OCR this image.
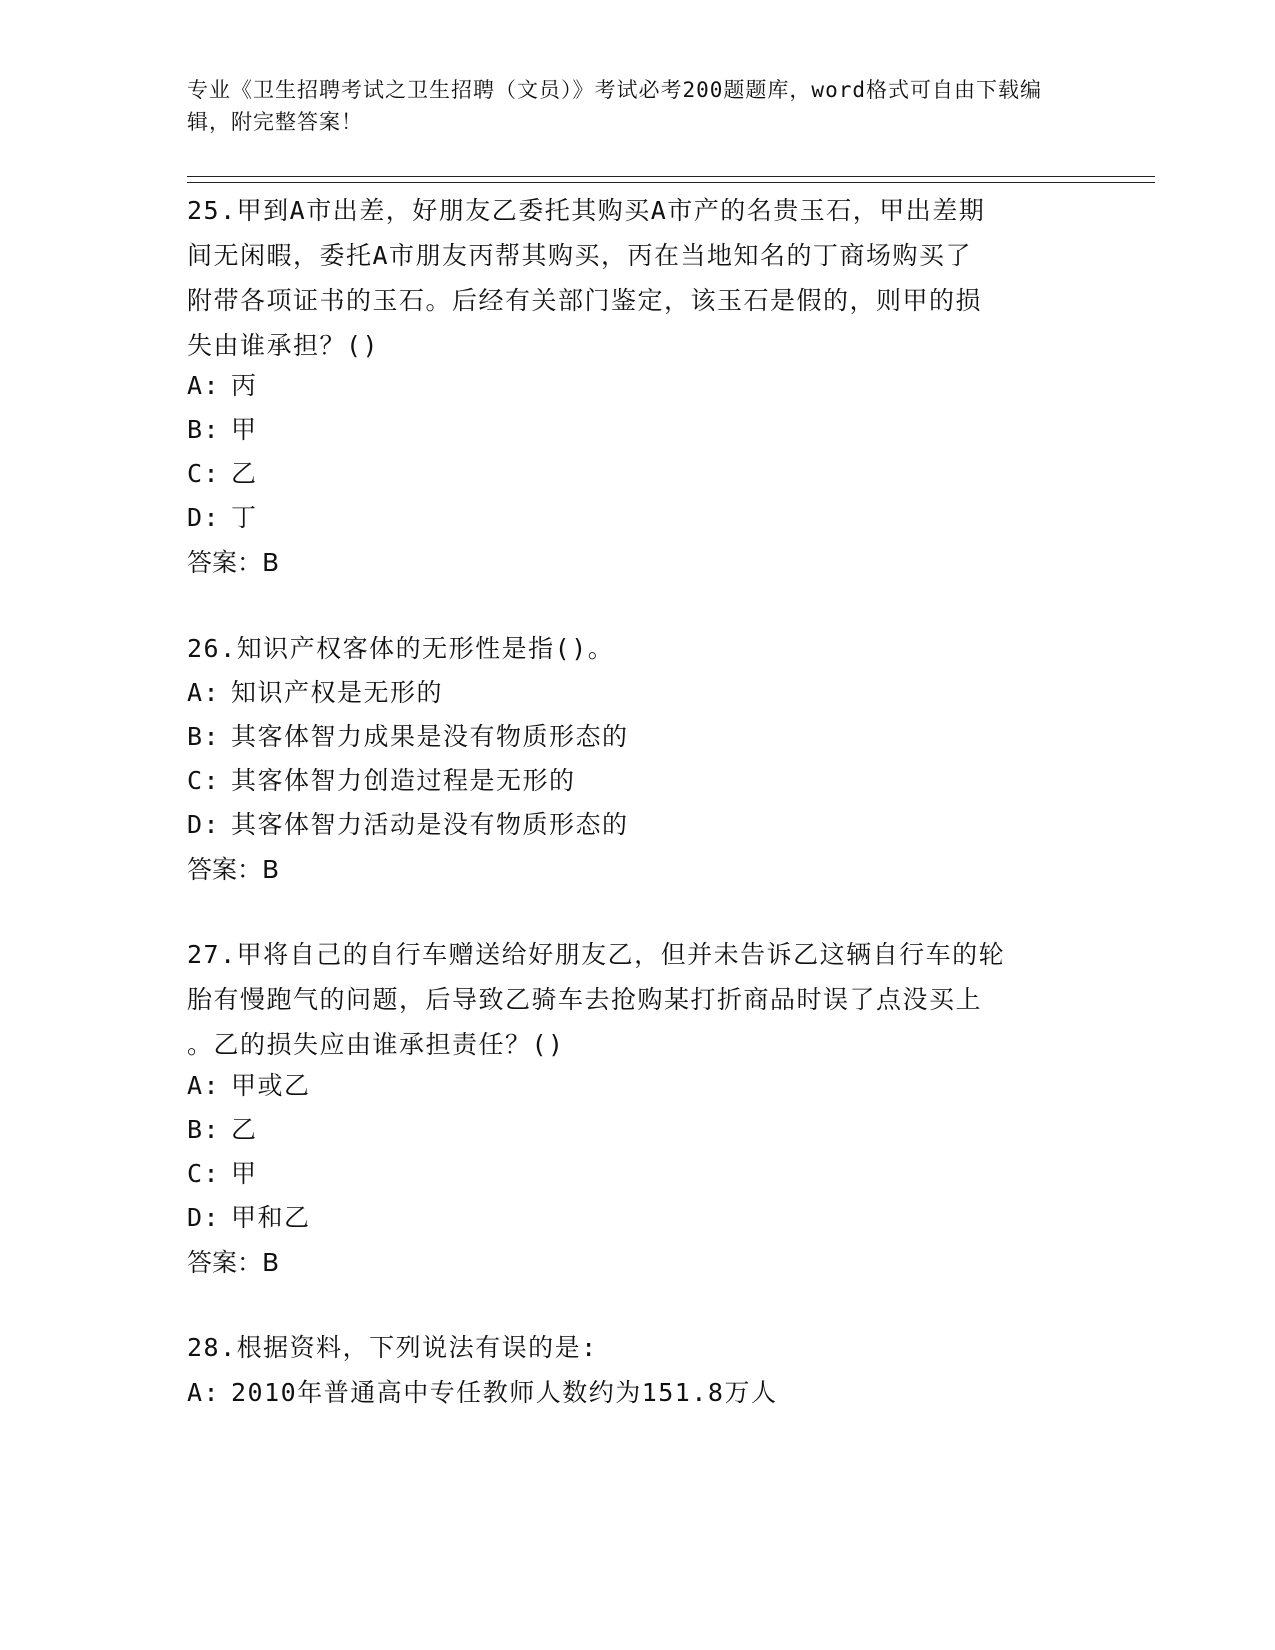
专业《卫生招聘考试之卫生招聘（文员）》考试必考200题题库，word格式可自由下载编辑，附完整答案！
25.甲到A市出差，好朋友乙委托其购买A市产的名贵玉石，甲出差期
间无闲暇，委托A市朋友丙帮其购买，丙在当地知名的丁商场购买了
附带各项证书的玉石。后经有关部门鉴定，该玉石是假的，则甲的损
失由谁承担？()
A: 丙
B: 甲
C: 乙
D: 丁
答案：B
26.知识产权客体的无形性是指()。
A: 知识产权是无形的
B: 其客体智力成果是没有物质形态的
C: 其客体智力创造过程是无形的
D: 其客体智力活动是没有物质形态的
答案：B
27.甲将自己的自行车赠送给好朋友乙，但并未告诉乙这辆自行车的轮
胎有慢跑气的问题，后导致乙骑车去抢购某打折商品时误了点没买上
。乙的损失应由谁承担责任？()
A: 甲或乙
B: 乙
C: 甲
D: 甲和乙
答案：B
28.根据资料，下列说法有误的是:
A: 2010年普通高中专任教师人数约为151.8万人
